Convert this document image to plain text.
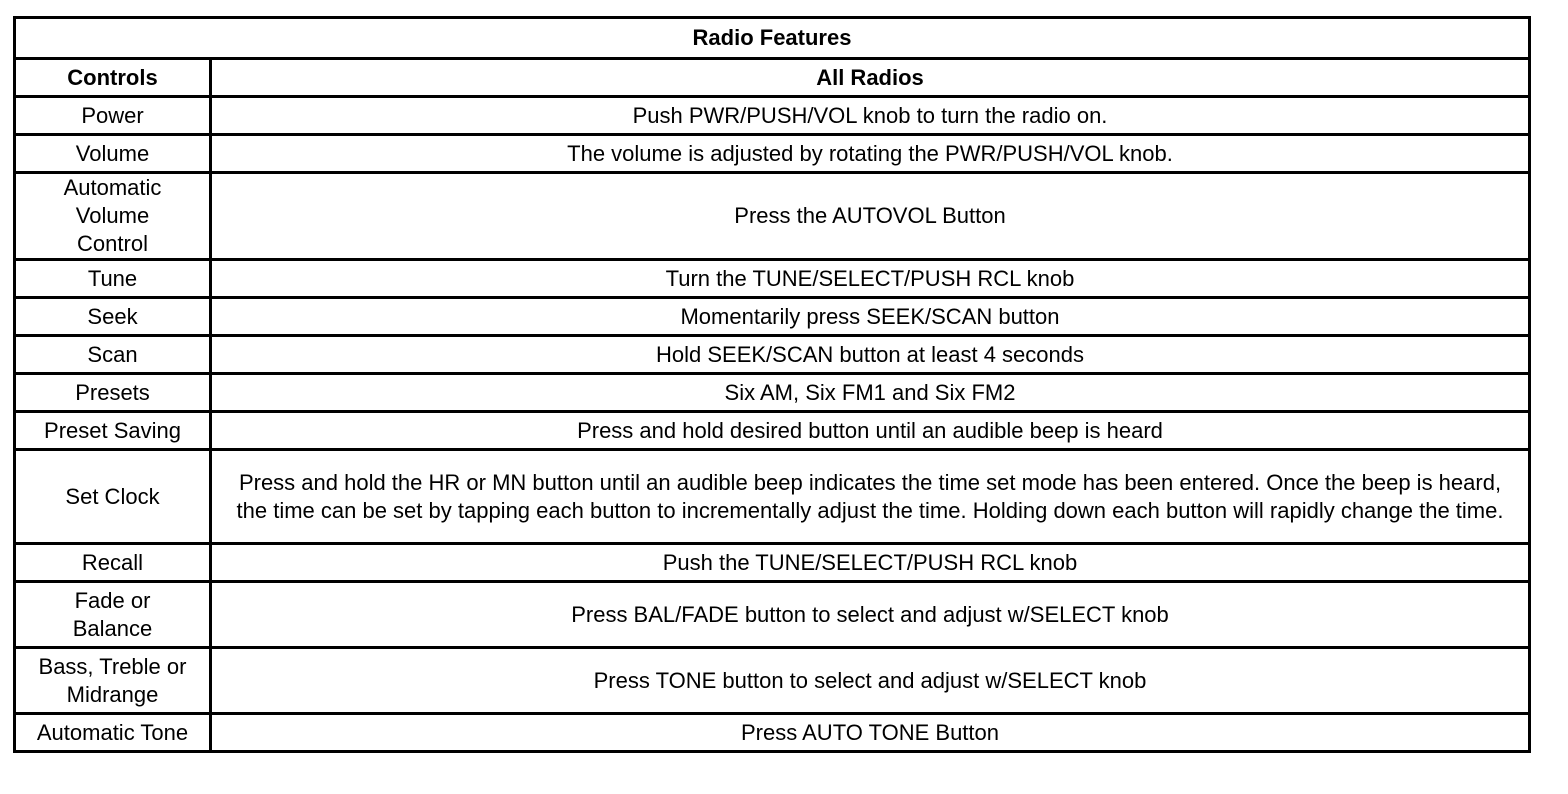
Radio Features	
Controls	All Radios
Power	Push PWR/PUSH/VOL knob to turn the radio on.
Volume	The volume is adjusted by rotating the PWR/PUSH/VOL knob.
Automatic Volume Control	Press the AUTOVOL Button
Tune	Turn the TUNE/SELECT/PUSH RCL knob
Seek	Momentarily press SEEK/SCAN button
Scan	Hold SEEK/SCAN button at least 4 seconds
Presets	Six AM, Six FM1 and Six FM2
Preset Saving	Press and hold desired button until an audible beep is heard
Set Clock	Press and hold the HR or MN button until an audible beep indicates the time set mode has been entered. Once the beep is heard, the time can be set by tapping each button to incrementally adjust the time. Holding down each button will rapidly change the time.
Recall	Push the TUNE/SELECT/PUSH RCL knob
Fade or Balance	Press BAL/FADE button to select and adjust w/SELECT knob
Bass, Treble or Midrange	Press TONE button to select and adjust w/SELECT knob
Automatic Tone	Press AUTO TONE Button
